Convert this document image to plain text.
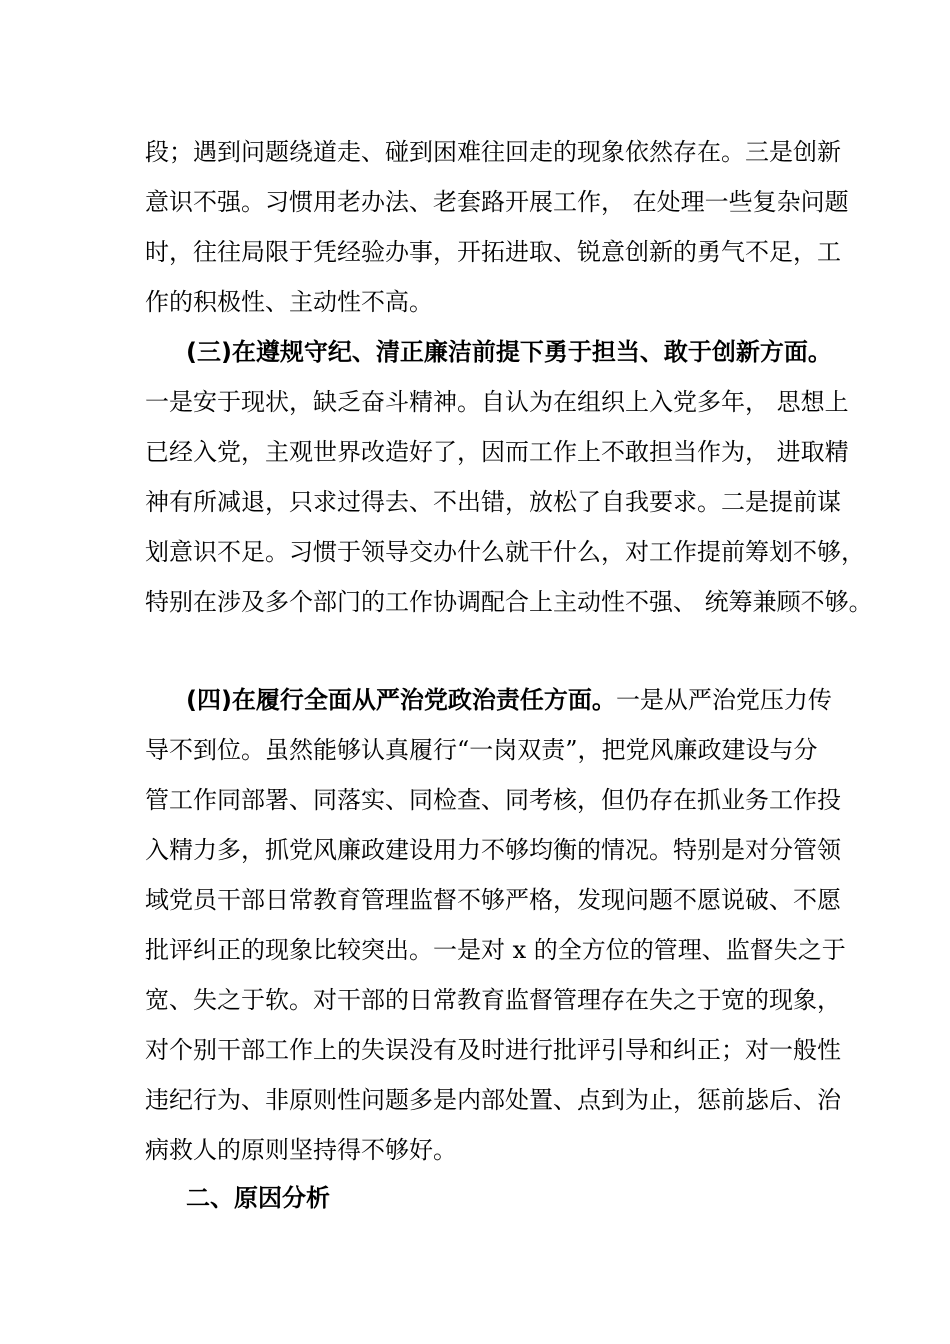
段；遇到问题绕道走、碰到困难往回走的现象依然存在。三是创新
意识不强。习惯用老办法、老套路开展工作， 在处理一些复杂问题
时，往往局限于凭经验办事，开拓进取、锐意创新的勇气不足，工
作的积极性、主动性不高。
(三)在遵规守纪、清正廉洁前提下勇于担当、敢于创新方面。
一是安于现状，缺乏奋斗精神。自认为在组织上入党多年， 思想上
已经入党，主观世界改造好了，因而工作上不敢担当作为， 进取精
神有所减退，只求过得去、不出错，放松了自我要求。二是提前谋
划意识不足。习惯于领导交办什么就干什么，对工作提前筹划不够，
特别在涉及多个部门的工作协调配合上主动性不强、 统筹兼顾不够。
(四)在履行全面从严治党政治责任方面。一是从严治党压力传
导不到位。虽然能够认真履行“一岗双责”，把党风廉政建设与分
管工作同部署、同落实、同检查、同考核，但仍存在抓业务工作投
入精力多，抓党风廉政建设用力不够均衡的情况。特别是对分管领
域党员干部日常教育管理监督不够严格，发现问题不愿说破、不愿
批评纠正的现象比较突出。一是对 x 的全方位的管理、监督失之于
宽、失之于软。对干部的日常教育监督管理存在失之于宽的现象，
对个别干部工作上的失误没有及时进行批评引导和纠正；对一般性
违纪行为、非原则性问题多是内部处置、点到为止，惩前毖后、治
病救人的原则坚持得不够好。
二、原因分析
